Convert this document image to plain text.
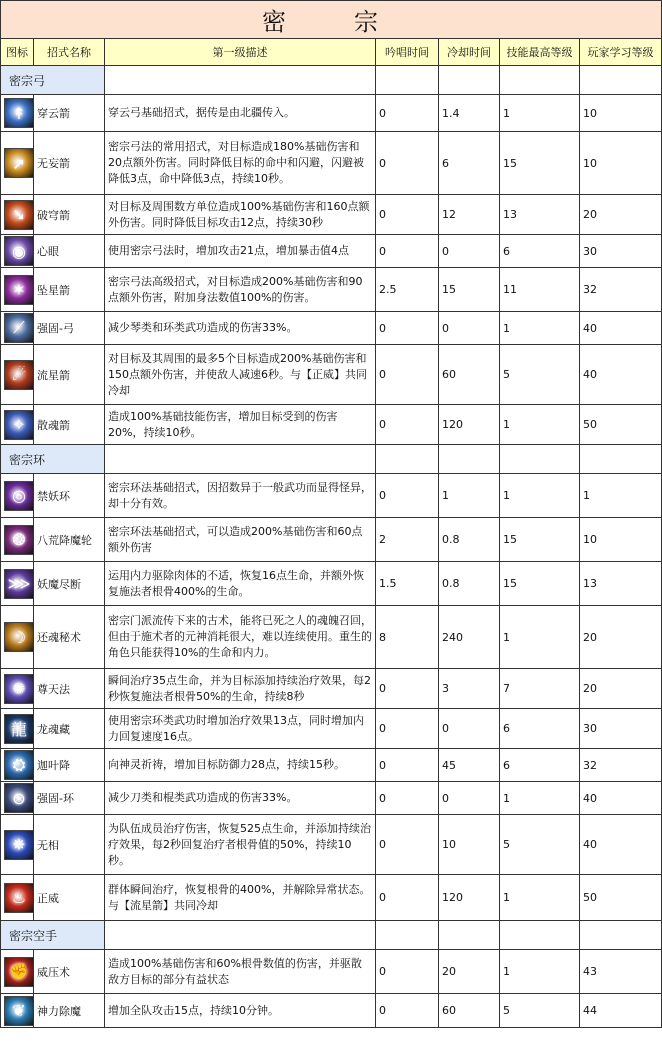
密　宗						
图标	招式名称	第一级描述	吟唱时间	冷却时间	技能最高等级	玩家学习等级
密宗弓						

↟	穿云箭	穿云弓基础招式，据传是由北疆传入。	0	1.4	1	10

➚	无妄箭	密宗弓法的常用招式，对目标造成180%基础伤害和20点额外伤害。同时降低目标的命中和闪避，闪避被降低3点，命中降低3点，持续10秒。	0	6	15	10

➘	破穹箭	对目标及周围数方单位造成100%基础伤害和160点额外伤害。同时降低目标攻击12点，持续30秒	0	12	13	20

◉	心眼	使用密宗弓法时，增加攻击21点，增加暴击值4点	0	0	6	30

✶	坠星箭	密宗弓法高级招式，对目标造成200%基础伤害和90点额外伤害，附加身法数值100%的伤害。	2.5	15	11	32

⟋	强固-弓	减少琴类和环类武功造成的伤害33%。	0	0	1	40

☄	流星箭	对目标及其周围的最多5个目标造成200%基础伤害和150点额外伤害，并使敌人减速6秒。与【正威】共同冷却	0	60	5	40

✧	散魂箭	造成100%基础技能伤害，增加目标受到的伤害20%，持续10秒。	0	120	1	50
密宗环						

◎	禁妖环	密宗环法基础招式，因招数异于一般武功而显得怪异，却十分有效。	0	1	1	1

❂	八荒降魔轮	密宗环法基础招式，可以造成200%基础伤害和60点额外伤害	2	0.8	15	10

⋙	妖魔尽断	运用内力驱除肉体的不适，恢复16点生命，并额外恢复施法者根骨400%的生命。	1.5	0.8	15	13

☽	还魂秘术	密宗门派流传下来的古术，能将已死之人的魂魄召回，但由于施术者的元神消耗很大，难以连续使用。重生的角色只能获得10%的生命和内力。	8	240	1	20

✺	尊天法	瞬间治疗35点生命，并为目标添加持续治疗效果，每2秒恢复施法者根骨50%的生命，持续8秒	0	3	7	20

龍	龙魂藏	使用密宗环类武功时增加治疗效果13点，同时增加内力回复速度16点。	0	0	6	30

⛭	迦叶降	向神灵祈祷，增加目标防御力28点，持续15秒。	0	45	6	32

⊛	强固-环	减少刀类和棍类武功造成的伤害33%。	0	0	1	40

✵	无相	为队伍成员治疗伤害，恢复525点生命，并添加持续治疗效果，每2秒回复治疗者根骨值的50%，持续10秒。	0	10	5	40

♨	正威	群体瞬间治疗，恢复根骨的400%，并解除异常状态。与【流星箭】共同冷却	0	120	1	50
密宗空手						

✊	威压术	造成100%基础伤害和60%根骨数值的伤害，并驱散敌方目标的部分有益状态	0	20	1	43

❦	神力除魔	增加全队攻击15点，持续10分钟。	0	60	5	44
